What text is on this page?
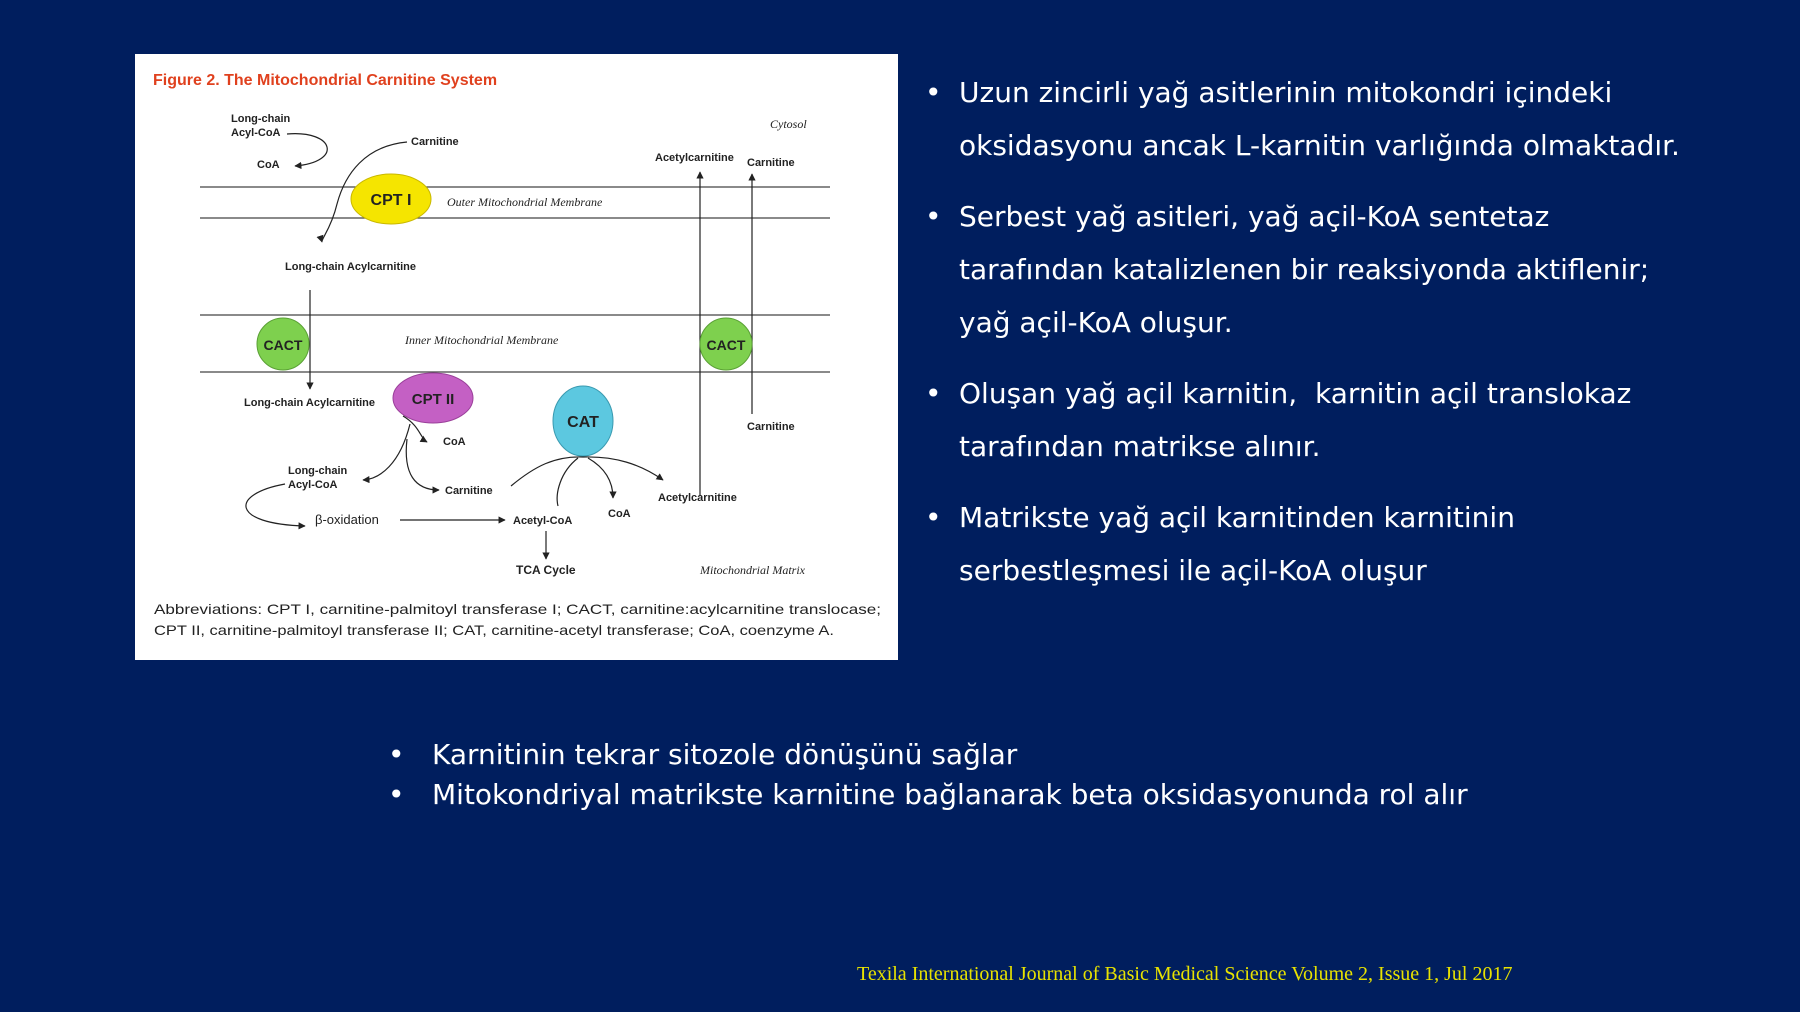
Figure 2. The Mitochondrial Carnitine System
Cytosol
Outer Mitochondrial Membrane
Inner Mitochondrial Membrane
Long-chain
Acyl-CoA
CoA
Carnitine
CPT I
Long-chain Acylcarnitine
CACT
Acetylcarnitine Carnitine
Carnitine
CACT
Long-chain Acylcarnitine CPT II
CoA
Long-chain
Acyl-CoA	Carnitine
β-oxidation
CAT
Acetyl-CoA
CoA
Acetylcarnitine
TCA Cycle	Mitochondrial Matrix
Abbreviations: CPT I, carnitine-palmitoyl transferase I; CACT, carnitine:acylcarnitine translocase;
CPT II, carnitine-palmitoyl transferase II; CAT, carnitine-acetyl transferase; CoA, coenzyme A.
• Uzun zincirli yağ asitlerinin mitokondri içindeki
oksidasyonu ancak L-karnitin varlığında olmaktadır.
• Serbest yağ asitleri, yağ açil-KoA sentetaz
tarafından katalizlenen bir reaksiyonda aktiflenir;
yağ açil-KoA oluşur.
• Oluşan yağ açil karnitin,  karnitin açil translokaz
tarafından matrikse alınır.
• Matrikste yağ açil karnitinden karnitinin
serbestleşmesi ile açil-KoA oluşur
• Karnitinin tekrar sitozole dönüşünü sağlar
• Mitokondriyal matrikste karnitine bağlanarak beta oksidasyonunda rol alır
Texila International Journal of Basic Medical Science Volume 2, Issue 1, Jul 2017
